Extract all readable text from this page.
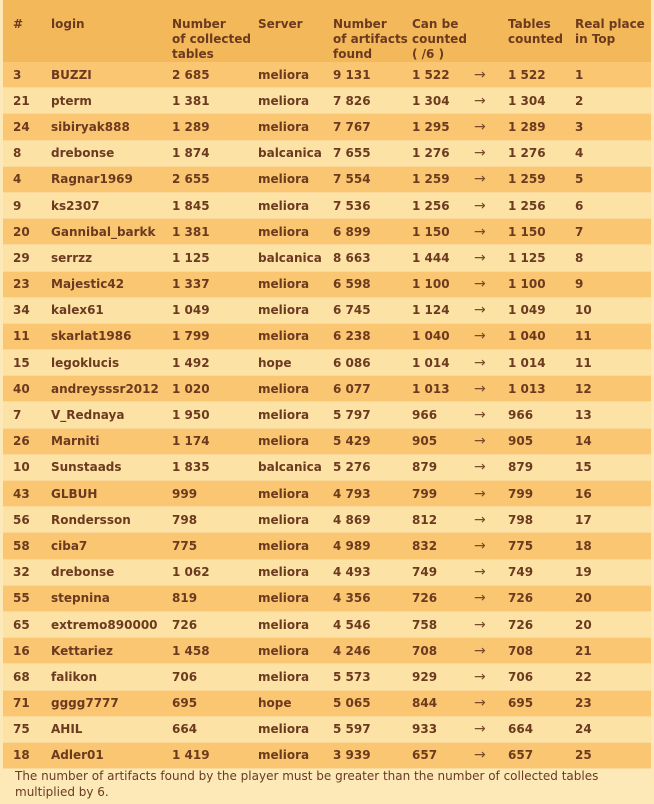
#	login	Number
of collected
tables	Server	Number
of artifacts
found	Can be
counted
( /6 )		Tables
counted	Real place
in Top
3	BUZZI	2 685	meliora	9 131	1 522	→	1 522	1
21	pterm	1 381	meliora	7 826	1 304	→	1 304	2
24	sibiryak888	1 289	meliora	7 767	1 295	→	1 289	3
8	drebonse	1 874	balcanica	7 655	1 276	→	1 276	4
4	Ragnar1969	2 655	meliora	7 554	1 259	→	1 259	5
9	ks2307	1 845	meliora	7 536	1 256	→	1 256	6
20	Gannibal_barkk	1 381	meliora	6 899	1 150	→	1 150	7
29	serrzz	1 125	balcanica	8 663	1 444	→	1 125	8
23	Majestic42	1 337	meliora	6 598	1 100	→	1 100	9
34	kalex61	1 049	meliora	6 745	1 124	→	1 049	10
11	skarlat1986	1 799	meliora	6 238	1 040	→	1 040	11
15	legoklucis	1 492	hope	6 086	1 014	→	1 014	11
40	andreysssr2012	1 020	meliora	6 077	1 013	→	1 013	12
7	V_Rednaya	1 950	meliora	5 797	966	→	966	13
26	Marniti	1 174	meliora	5 429	905	→	905	14
10	Sunstaads	1 835	balcanica	5 276	879	→	879	15
43	GLBUH	999	meliora	4 793	799	→	799	16
56	Rondersson	798	meliora	4 869	812	→	798	17
58	ciba7	775	meliora	4 989	832	→	775	18
32	drebonse	1 062	meliora	4 493	749	→	749	19
55	stepnina	819	meliora	4 356	726	→	726	20
65	extremo890000	726	meliora	4 546	758	→	726	20
16	Kettariez	1 458	meliora	4 246	708	→	708	21
68	falikon	706	meliora	5 573	929	→	706	22
71	gggg7777	695	hope	5 065	844	→	695	23
75	AHIL	664	meliora	5 597	933	→	664	24
18	Adler01	1 419	meliora	3 939	657	→	657	25
The number of artifacts found by the player must be greater than the number of collected tables multiplied by 6.
